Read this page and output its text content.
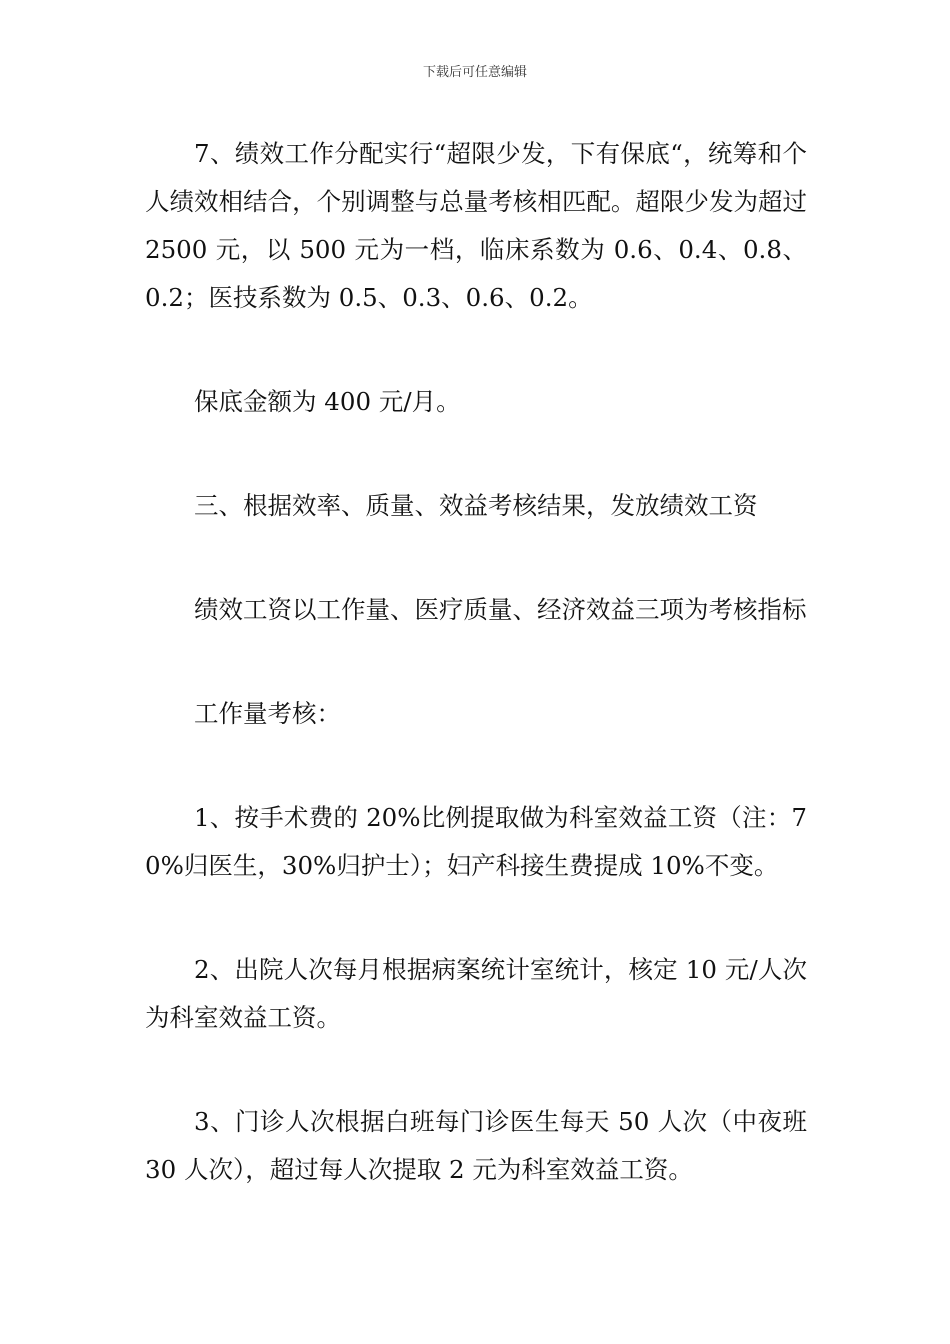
下载后可任意编辑

7、绩效工作分配实行“超限少发，下有保底“，统筹和个人绩效相结合，个别调整与总量考核相匹配。超限少发为超过 2500 元，以 500 元为一档，临床系数为 0.6、0.4、0.8、0.2；医技系数为 0.5、0.3、0.6、0.2。

保底金额为 400 元/月。

三、根据效率、质量、效益考核结果，发放绩效工资

绩效工资以工作量、医疗质量、经济效益三项为考核指标

工作量考核：

1、按手术费的 20%比例提取做为科室效益工资（注：70%归医生，30%归护士）；妇产科接生费提成 10%不变。

2、出院人次每月根据病案统计室统计，核定 10 元/人次为科室效益工资。

3、门诊人次根据白班每门诊医生每天 50 人次（中夜班 30 人次），超过每人次提取 2 元为科室效益工资。
